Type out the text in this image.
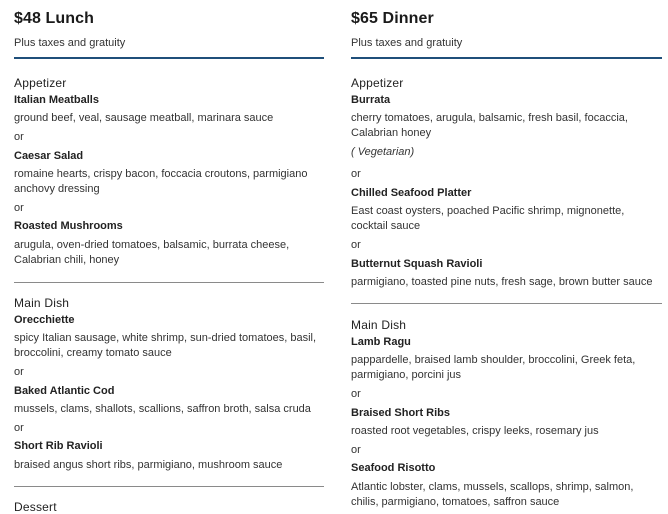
$48 Lunch
Plus taxes and gratuity
Appetizer
Italian Meatballs
ground beef, veal, sausage meatball, marinara sauce
or
Caesar Salad
romaine hearts, crispy bacon, foccacia croutons, parmigiano anchovy dressing
or
Roasted Mushrooms
arugula, oven-dried tomatoes, balsamic, burrata cheese, Calabrian chili, honey
Main Dish
Orecchiette
spicy Italian sausage, white shrimp, sun-dried tomatoes, basil, broccolini, creamy tomato sauce
or
Baked Atlantic Cod
mussels, clams, shallots, scallions, saffron broth, salsa cruda
or
Short Rib Ravioli
braised angus short ribs, parmigiano, mushroom sauce
Dessert
$65 Dinner
Plus taxes and gratuity
Appetizer
Burrata
cherry tomatoes, arugula, balsamic, fresh basil, focaccia, Calabrian honey
( Vegetarian)
or
Chilled Seafood Platter
East coast oysters, poached Pacific shrimp, mignonette, cocktail sauce
or
Butternut Squash Ravioli
parmigiano, toasted pine nuts, fresh sage, brown butter sauce
Main Dish
Lamb Ragu
pappardelle, braised lamb shoulder, broccolini, Greek feta, parmigiano, porcini jus
or
Braised Short Ribs
roasted root vegetables, crispy leeks, rosemary jus
or
Seafood Risotto
Atlantic lobster, clams, mussels, scallops, shrimp, salmon, chilis, parmigiano, tomatoes, saffron sauce
